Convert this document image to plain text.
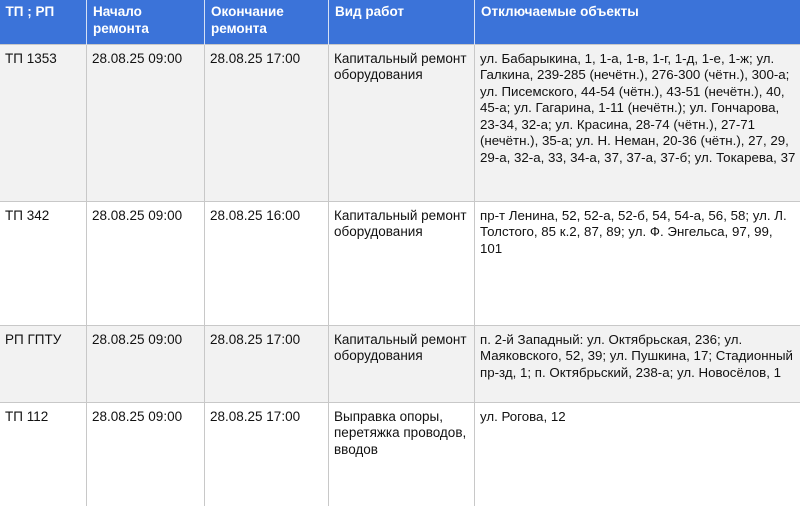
ТП ; РП	Начало ремонта	Окончание ремонта	Вид работ	Отключаемые объекты
ТП 1353	28.08.25 09:00	28.08.25 17:00	Капитальный ремонт оборудования	ул. Бабарыкина, 1, 1-а, 1-в, 1-г, 1-д, 1-е, 1-ж; ул. Галкина, 239-285 (нечётн.), 276-300 (чётн.), 300-а; ул. Писемского, 44-54 (чётн.), 43-51 (нечётн.), 40, 45-а; ул. Гагарина, 1-11 (нечётн.); ул. Гончарова, 23-34, 32-а; ул. Красина, 28-74 (чётн.), 27-71 (нечётн.), 35-а; ул. Н. Неман, 20-36 (чётн.), 27, 29, 29-а, 32-а, 33, 34-а, 37, 37-а, 37-б; ул. Токарева, 37
ТП 342	28.08.25 09:00	28.08.25 16:00	Капитальный ремонт оборудования	пр-т Ленина, 52, 52-а, 52-б, 54, 54-а, 56, 58; ул. Л. Толстого, 85 к.2, 87, 89; ул. Ф. Энгельса, 97, 99, 101
РП ГПТУ	28.08.25 09:00	28.08.25 17:00	Капитальный ремонт оборудования	п. 2-й Западный: ул. Октябрьская, 236; ул. Маяковского, 52, 39; ул. Пушкина, 17; Стадионный пр-зд, 1; п. Октябрьский, 238-а; ул. Новосёлов, 1
ТП 112	28.08.25 09:00	28.08.25 17:00	Выправка опоры, перетяжка проводов, вводов	ул. Рогова, 12
